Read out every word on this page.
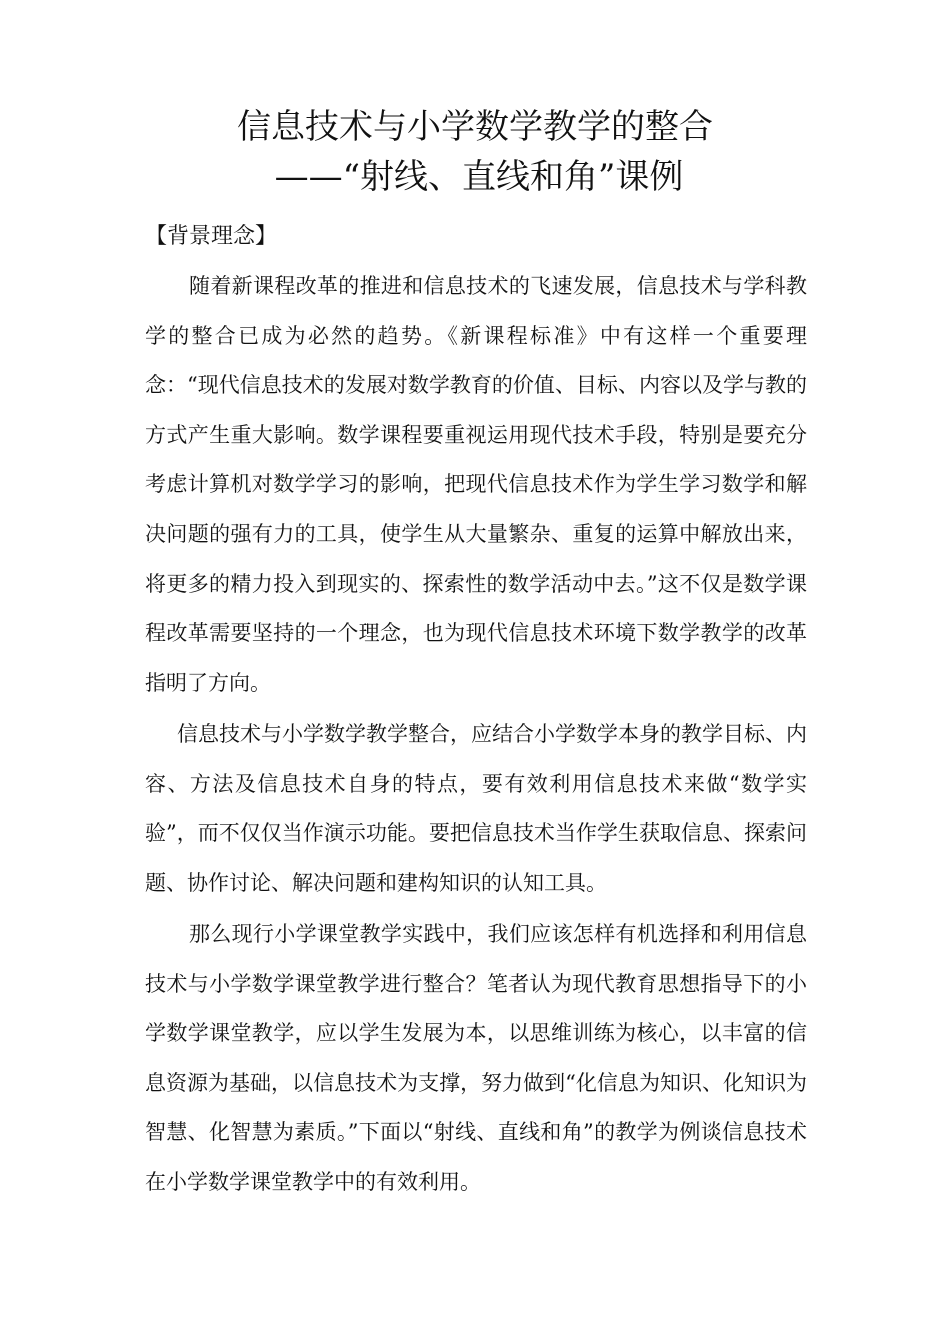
信息技术与小学数学教学的整合
——“射线、直线和角”课例
【背景理念】
随着新课程改革的推进和信息技术的飞速发展，信息技术与学科教学的整合已成为必然的趋势。《新课程标准》中有这样一个重要理念：“现代信息技术的发展对数学教育的价值、目标、内容以及学与教的方式产生重大影响。数学课程要重视运用现代技术手段，特别是要充分考虑计算机对数学学习的影响，把现代信息技术作为学生学习数学和解决问题的强有力的工具，使学生从大量繁杂、重复的运算中解放出来，将更多的精力投入到现实的、探索性的数学活动中去。”这不仅是数学课程改革需要坚持的一个理念，也为现代信息技术环境下数学教学的改革指明了方向。
信息技术与小学数学教学整合，应结合小学数学本身的教学目标、内容、方法及信息技术自身的特点，要有效利用信息技术来做“数学实验”，而不仅仅当作演示功能。要把信息技术当作学生获取信息、探索问题、协作讨论、解决问题和建构知识的认知工具。
那么现行小学课堂教学实践中，我们应该怎样有机选择和利用信息技术与小学数学课堂教学进行整合？笔者认为现代教育思想指导下的小学数学课堂教学，应以学生发展为本，以思维训练为核心，以丰富的信息资源为基础，以信息技术为支撑，努力做到“化信息为知识、化知识为智慧、化智慧为素质。”下面以“射线、直线和角”的教学为例谈信息技术在小学数学课堂教学中的有效利用。
